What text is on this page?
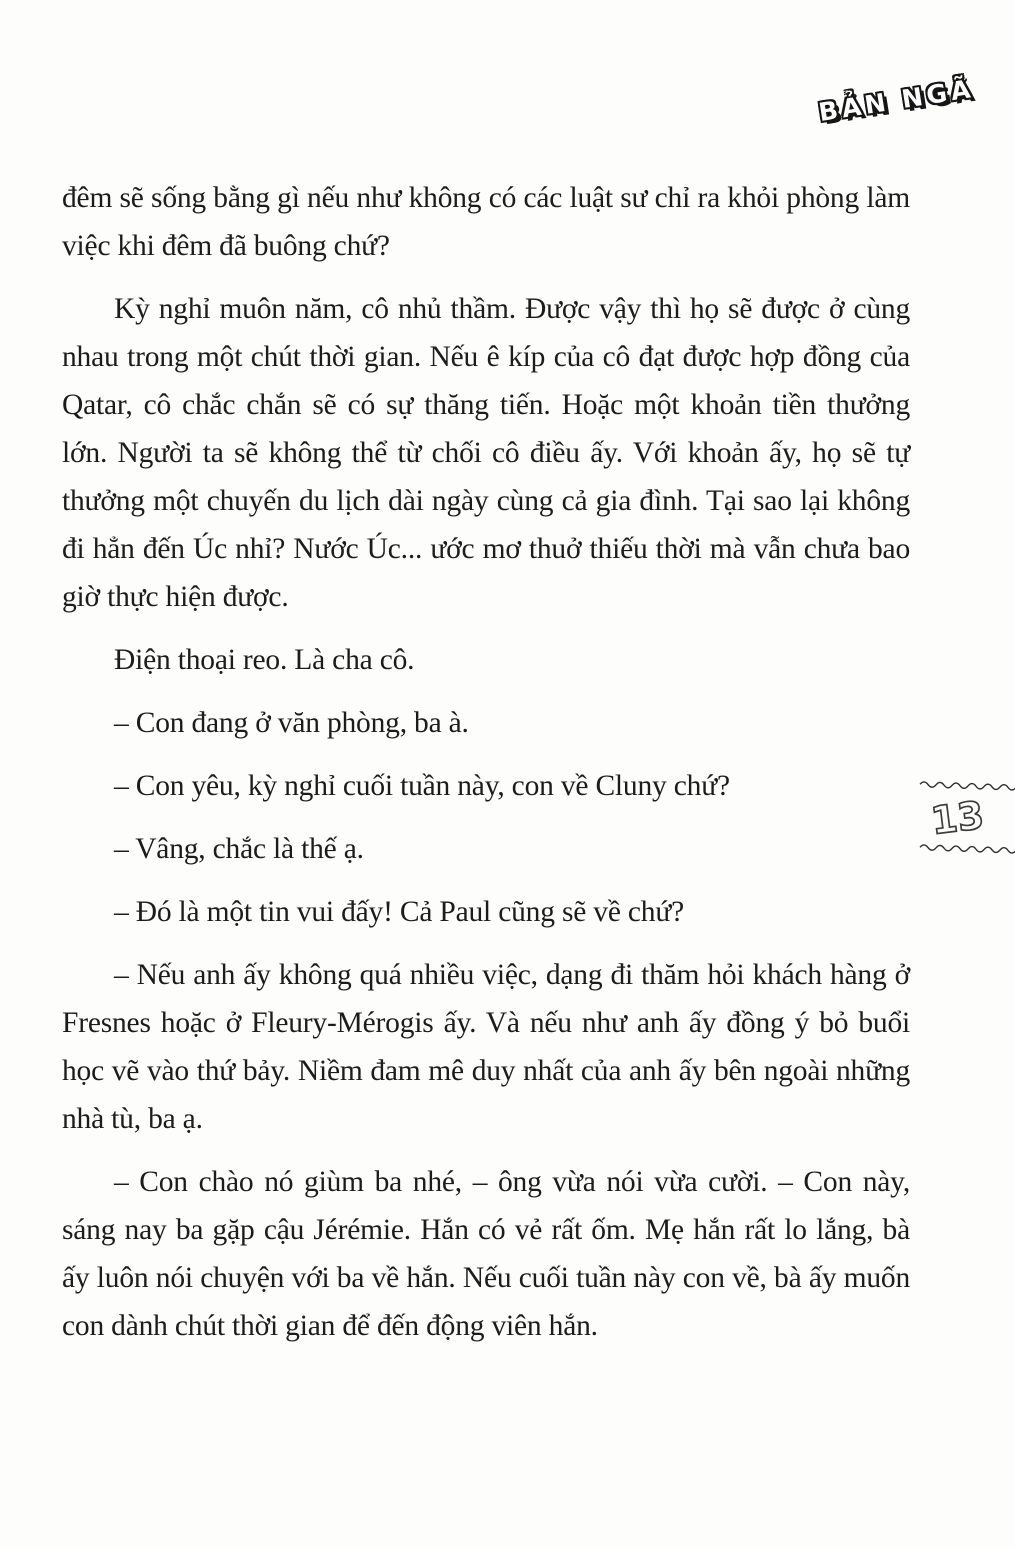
BẢN NGÃ
13

đêm sẽ sống bằng gì nếu như không có các luật sư chỉ ra khỏi phòng làm việc khi đêm đã buông chứ?

Kỳ nghỉ muôn năm, cô nhủ thầm. Được vậy thì họ sẽ được ở cùng nhau trong một chút thời gian. Nếu ê kíp của cô đạt được hợp đồng của Qatar, cô chắc chắn sẽ có sự thăng tiến. Hoặc một khoản tiền thưởng lớn. Người ta sẽ không thể từ chối cô điều ấy. Với khoản ấy, họ sẽ tự thưởng một chuyến du lịch dài ngày cùng cả gia đình. Tại sao lại không đi hẳn đến Úc nhỉ? Nước Úc... ước mơ thuở thiếu thời mà vẫn chưa bao giờ thực hiện được.

Điện thoại reo. Là cha cô.

– Con đang ở văn phòng, ba à.

– Con yêu, kỳ nghỉ cuối tuần này, con về Cluny chứ?

– Vâng, chắc là thế ạ.

– Đó là một tin vui đấy! Cả Paul cũng sẽ về chứ?

– Nếu anh ấy không quá nhiều việc, dạng đi thăm hỏi khách hàng ở Fresnes hoặc ở Fleury-Mérogis ấy. Và nếu như anh ấy đồng ý bỏ buổi học vẽ vào thứ bảy. Niềm đam mê duy nhất của anh ấy bên ngoài những nhà tù, ba ạ.

– Con chào nó giùm ba nhé, – ông vừa nói vừa cười. – Con này, sáng nay ba gặp cậu Jérémie. Hắn có vẻ rất ốm. Mẹ hắn rất lo lắng, bà ấy luôn nói chuyện với ba về hắn. Nếu cuối tuần này con về, bà ấy muốn con dành chút thời gian để đến động viên hắn.
